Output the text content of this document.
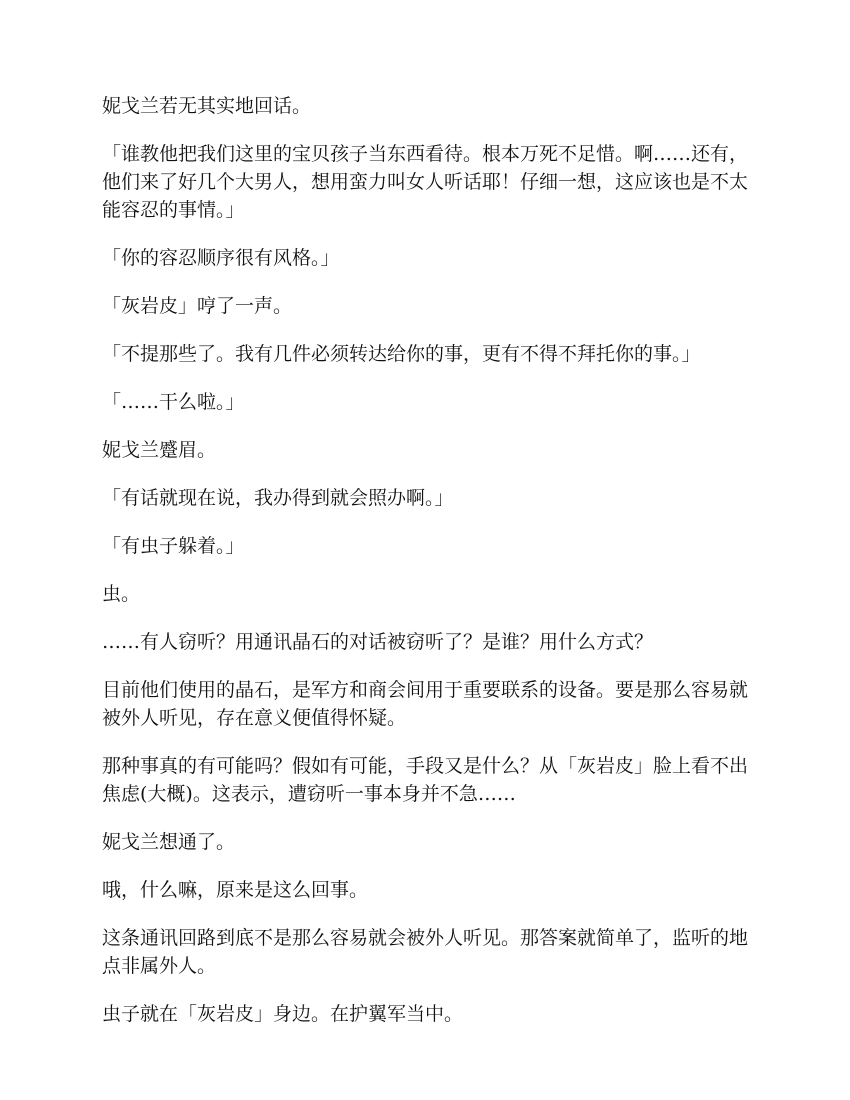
妮戈兰若无其实地回话。

「谁教他把我们这里的宝贝孩子当东西看待。根本万死不足惜。啊……还有，他们来了好几个大男人，想用蛮力叫女人听话耶！仔细一想，这应该也是不太能容忍的事情。」

「你的容忍顺序很有风格。」

「灰岩皮」哼了一声。

「不提那些了。我有几件必须转达给你的事，更有不得不拜托你的事。」

「……干么啦。」

妮戈兰蹙眉。

「有话就现在说，我办得到就会照办啊。」

「有虫子躲着。」

虫。

……有人窃听？用通讯晶石的对话被窃听了？是谁？用什么方式？

目前他们使用的晶石，是军方和商会间用于重要联系的设备。要是那么容易就被外人听见，存在意义便值得怀疑。

那种事真的有可能吗？假如有可能，手段又是什么？从「灰岩皮」脸上看不出焦虑(大概)。这表示，遭窃听一事本身并不急……

妮戈兰想通了。

哦，什么嘛，原来是这么回事。

这条通讯回路到底不是那么容易就会被外人听见。那答案就简单了，监听的地点非属外人。

虫子就在「灰岩皮」身边。在护翼军当中。
